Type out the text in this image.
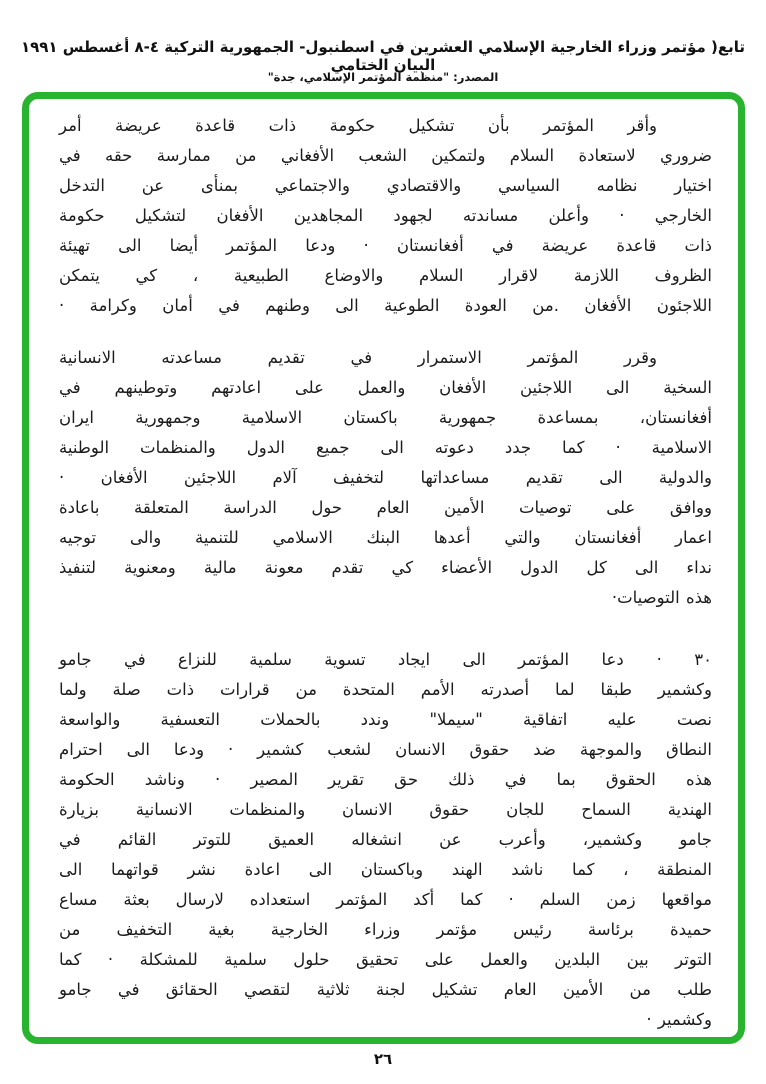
تابع( مؤتمر وزراء الخارجية الإسلامي العشرين في اسطنبول- الجمهورية التركية ٤-٨ أغسطس ١٩٩١ البيان الختامي
المصدر: "منظمة المؤتمر الإسلامي، جدة"
وأقر المؤتمر بأن تشكيل حكومة ذات قاعدة عريضة أمر
ضروري لاستعادة السلام ولتمكين الشعب الأفغاني من ممارسة حقه في
اختيار نظامه السياسي والاقتصادي والاجتماعي بمنأى عن التدخل
الخارجي · وأعلن مساندته لجهود المجاهدين الأفغان لتشكيل حكومة
ذات قاعدة عريضة في أفغانستان · ودعا المؤتمر أيضا الى تهيئة
الظروف اللازمة لاقرار السلام والاوضاع الطبيعية ، كي يتمكن
اللاجئون الأفغان .من العودة الطوعية الى وطنهم في أمان وكرامة ·
وقرر المؤتمر الاستمرار في تقديم مساعدته الانسانية
السخية الى اللاجئين الأفغان والعمل على اعادتهم وتوطينهم في
أفغانستان، بمساعدة جمهورية باكستان الاسلامية وجمهورية ايران
الاسلامية · كما جدد دعوته الى جميع الدول والمنظمات الوطنية
والدولية الى تقديم مساعداتها لتخفيف آلام اللاجئين الأفغان ·
ووافق على توصيات الأمين العام حول الدراسة المتعلقة باعادة
اعمار أفغانستان والتي أعدها البنك الاسلامي للتنمية والى توجيه
نداء الى كل الدول الأعضاء كي تقدم معونة مالية ومعنوية لتنفيذ
هذه التوصيات·
٣٠ ·  دعا المؤتمر الى ايجاد تسوية سلمية للنزاع في جامو
وكشمير طبقا لما أصدرته الأمم المتحدة من قرارات ذات صلة ولما
نصت عليه اتفاقية "سيملا" وندد بالحملات التعسفية والواسعة
النطاق والموجهة ضد حقوق الانسان لشعب كشمير · ودعا الى احترام
هذه الحقوق بما في ذلك حق تقرير المصير · وناشد الحكومة
الهندية السماح للجان حقوق الانسان والمنظمات الانسانية بزيارة
جامو وكشمير، وأعرب عن انشغاله العميق للتوتر القائم في
المنطقة ، كما ناشد الهند وباكستان الى اعادة نشر قواتهما الى
مواقعها زمن السلم · كما أكد المؤتمر استعداده لارسال بعثة مساع
حميدة برئاسة رئيس مؤتمر وزراء الخارجية بغية التخفيف من
التوتر بين البلدين والعمل على تحقيق حلول سلمية للمشكلة · كما
طلب من الأمين العام تشكيل لجنة ثلاثية لتقصي الحقائق في جامو
وكشمير ·
٢٦
